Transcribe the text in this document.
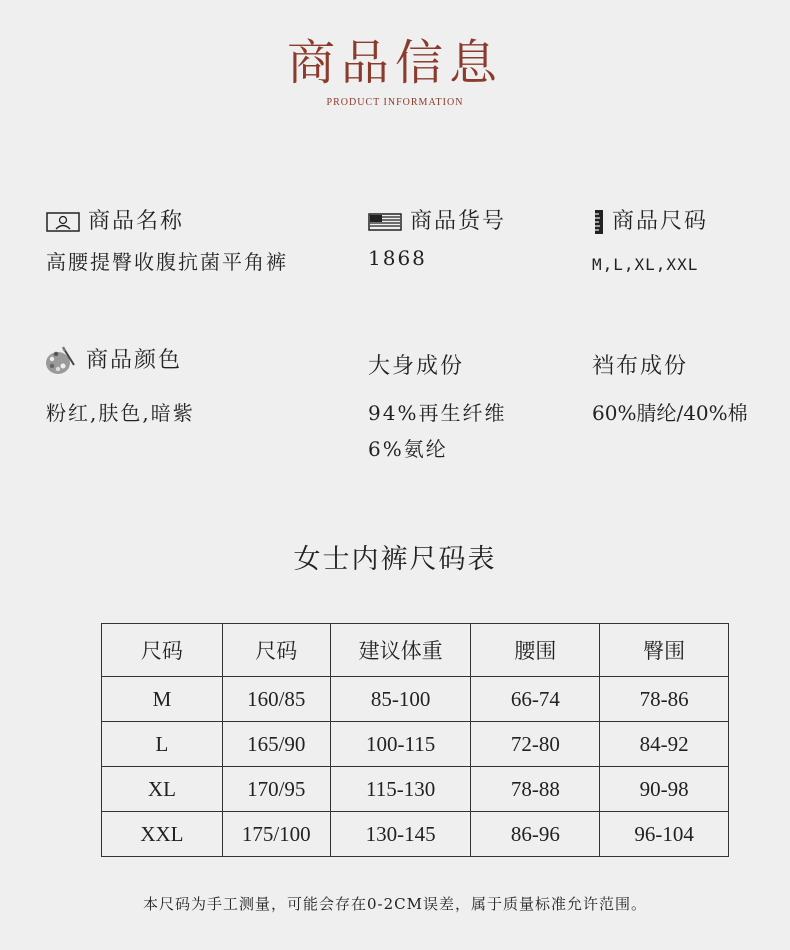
商品信息
PRODUCT INFORMATION
商品名称
高腰提臀收腹抗菌平角裤
商品货号
1868
商品尺码
M,L,XL,XXL
商品颜色
粉红,肤色,暗紫
大身成份
94%再生纤维
6%氨纶
裆布成份
60%腈纶/40%棉
女士内裤尺码表
尺码	尺码	建议体重	腰围	臀围
M	160/85	85-100	66-74	78-86
L	165/90	100-115	72-80	84-92
XL	170/95	115-130	78-88	90-98
XXL	175/100	130-145	86-96	96-104
本尺码为手工测量，可能会存在0-2CM误差，属于质量标准允许范围。
